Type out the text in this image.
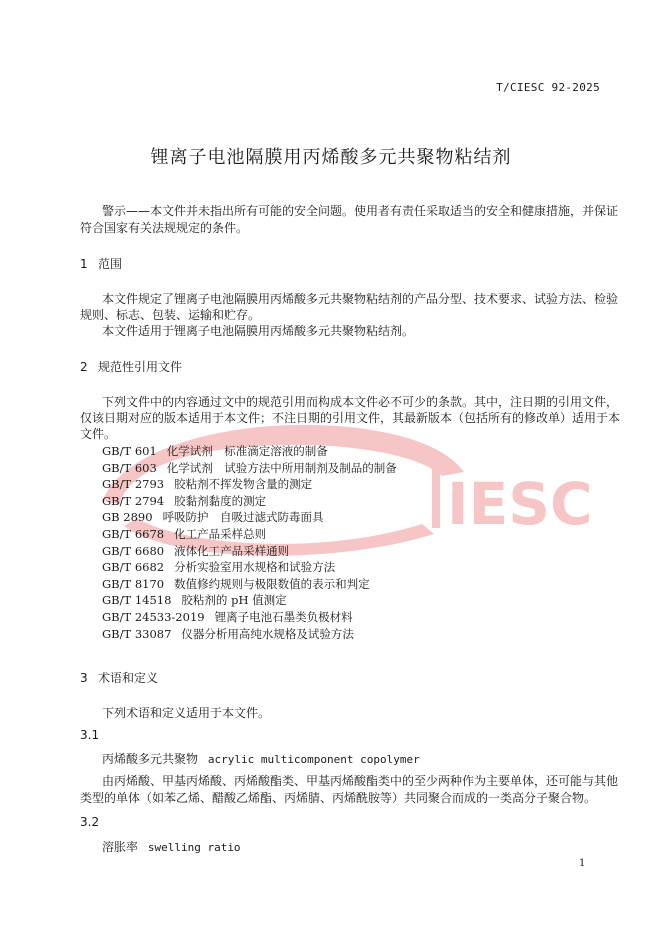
IESC
T/CIESC 92-2025
锂离子电池隔膜用丙烯酸多元共聚物粘结剂
警示——本文件并未指出所有可能的安全问题。使用者有责任采取适当的安全和健康措施，并保证
符合国家有关法规规定的条件。
1 范围
本文件规定了锂离子电池隔膜用丙烯酸多元共聚物粘结剂的产品分型、技术要求、试验方法、检验
规则、标志、包装、运输和贮存。
本文件适用于锂离子电池隔膜用丙烯酸多元共聚物粘结剂。
2 规范性引用文件
下列文件中的内容通过文中的规范引用而构成本文件必不可少的条款。其中，注日期的引用文件，
仅该日期对应的版本适用于本文件；不注日期的引用文件，其最新版本（包括所有的修改单）适用于本
文件。
GB/T 601 化学试剂　标准滴定溶液的制备
GB/T 603 化学试剂　试验方法中所用制剂及制品的制备
GB/T 2793 胶粘剂不挥发物含量的测定
GB/T 2794 胶黏剂黏度的测定
GB 2890 呼吸防护　自吸过滤式防毒面具
GB/T 6678 化工产品采样总则
GB/T 6680 液体化工产品采样通则
GB/T 6682 分析实验室用水规格和试验方法
GB/T 8170 数值修约规则与极限数值的表示和判定
GB/T 14518 胶粘剂的 pH 值测定
GB/T 24533-2019 锂离子电池石墨类负极材料
GB/T 33087 仪器分析用高纯水规格及试验方法
3 术语和定义
下列术语和定义适用于本文件。
3.1
丙烯酸多元共聚物 acrylic multicomponent copolymer
由丙烯酸、甲基丙烯酸、丙烯酸酯类、甲基丙烯酸酯类中的至少两种作为主要单体，还可能与其他
类型的单体（如苯乙烯、醋酸乙烯酯、丙烯腈、丙烯酰胺等）共同聚合而成的一类高分子聚合物。
3.2
溶胀率 swelling ratio
1
